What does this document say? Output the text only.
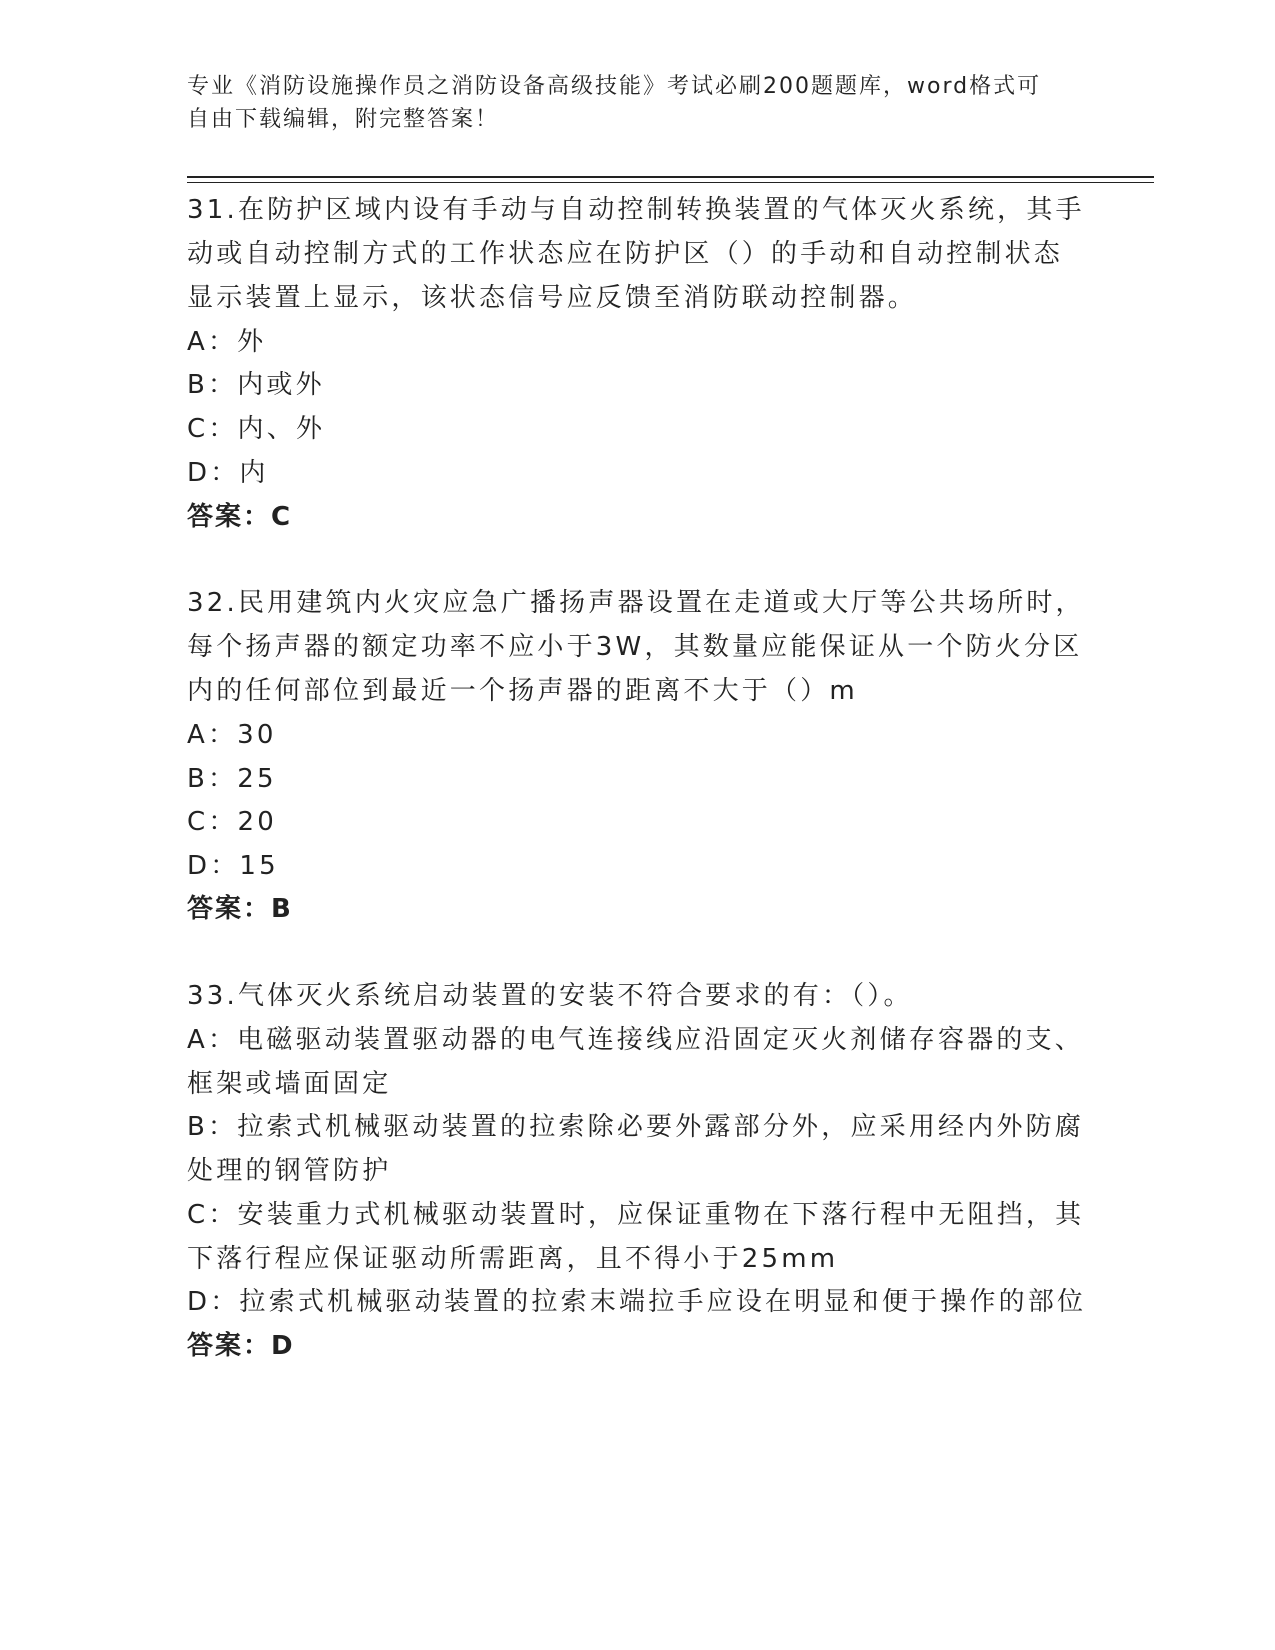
专业《消防设施操作员之消防设备高级技能》考试必刷200题题库，word格式可
自由下载编辑，附完整答案！
31.在防护区域内设有手动与自动控制转换装置的气体灭火系统，其手
动或自动控制方式的工作状态应在防护区（）的手动和自动控制状态
显示装置上显示，该状态信号应反馈至消防联动控制器。
A：外
B：内或外
C：内、外
D：内
答案：C
32.民用建筑内火灾应急广播扬声器设置在走道或大厅等公共场所时，
每个扬声器的额定功率不应小于3W，其数量应能保证从一个防火分区
内的任何部位到最近一个扬声器的距离不大于（）m
A：30
B：25
C：20
D：15
答案：B
33.气体灭火系统启动装置的安装不符合要求的有：（）。
A：电磁驱动装置驱动器的电气连接线应沿固定灭火剂储存容器的支、
框架或墙面固定
B：拉索式机械驱动装置的拉索除必要外露部分外，应采用经内外防腐
处理的钢管防护
C：安装重力式机械驱动装置时，应保证重物在下落行程中无阻挡，其
下落行程应保证驱动所需距离，且不得小于25mm
D：拉索式机械驱动装置的拉索末端拉手应设在明显和便于操作的部位
答案：D
